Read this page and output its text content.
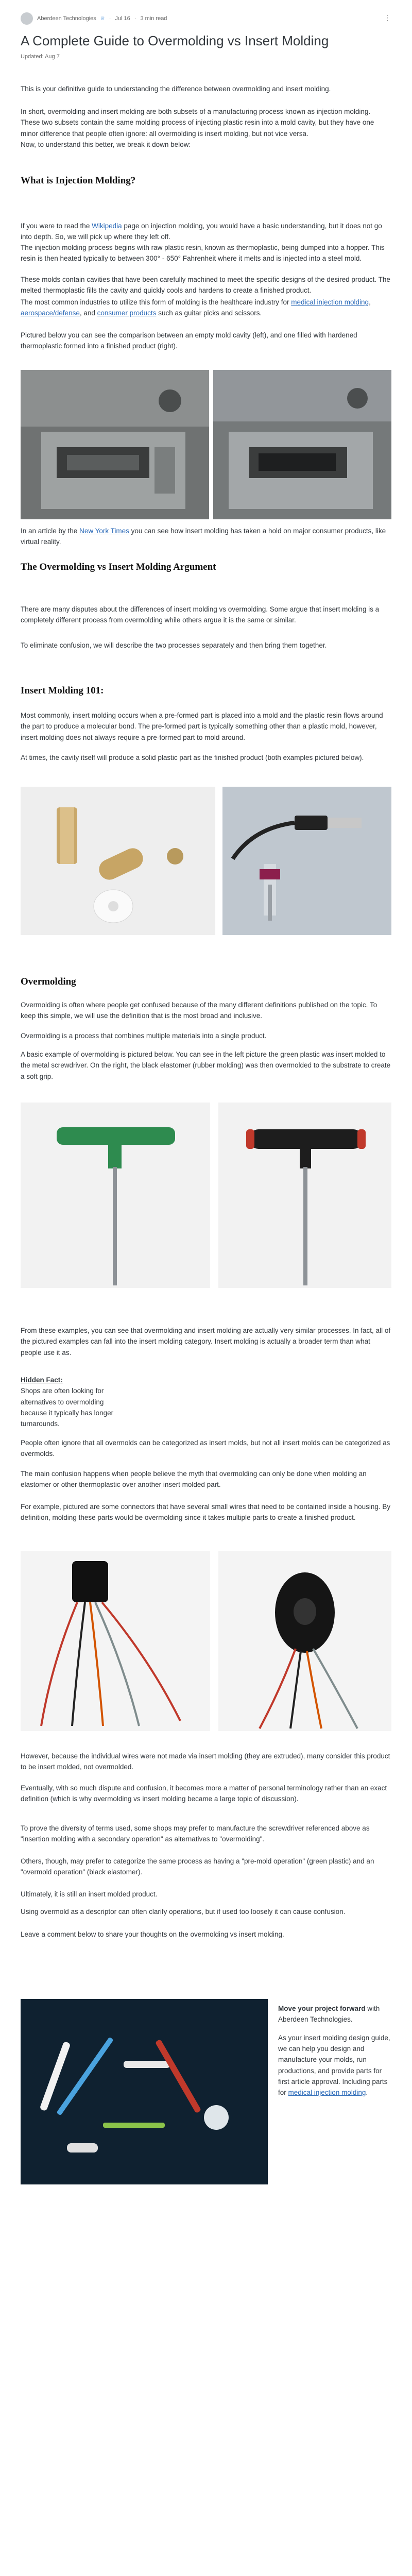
Aberdeen Technologies ♕ · Jul 16 · 3 min read	⋮
A Complete Guide to Overmolding vs Insert Molding
Updated: Aug 7

This is your definitive guide to understanding the difference between overmolding and insert molding.

In short, overmolding and insert molding are both subsets of a manufacturing process known as injection molding. These two subsets contain the same molding process of injecting plastic resin into a mold cavity, but they have one minor difference that people often ignore: all overmolding is insert molding, but not vice versa.

Now, to understand this better, we break it down below:

What is Injection Molding?

If you were to read the Wikipedia page on injection molding, you would have a basic understanding, but it does not go into depth. So, we will pick up where they left off.

The injection molding process begins with raw plastic resin, known as thermoplastic, being dumped into a hopper. This resin is then heated typically to between 300° - 650° Fahrenheit where it melts and is injected into a steel mold.

These molds contain cavities that have been carefully machined to meet the specific designs of the desired product. The melted thermoplastic fills the cavity and quickly cools and hardens to create a finished product.

The most common industries to utilize this form of molding is the healthcare industry for medical injection molding, aerospace/defense, and consumer products such as guitar picks and scissors.

Pictured below you can see the comparison between an empty mold cavity (left), and one filled with hardened thermoplastic formed into a finished product (right).

In an article by the New York Times you can see how insert molding has taken a hold on major consumer products, like virtual reality.

The Overmolding vs Insert Molding Argument

There are many disputes about the differences of insert molding vs overmolding. Some argue that insert molding is a completely different process from overmolding while others argue it is the same or similar.

To eliminate confusion, we will describe the two processes separately and then bring them together.

Insert Molding 101:

Most commonly, insert molding occurs when a pre-formed part is placed into a mold and the plastic resin flows around the part to produce a molecular bond. The pre-formed part is typically something other than a plastic mold, however, insert molding does not always require a pre-formed part to mold around.

At times, the cavity itself will produce a solid plastic part as the finished product (both examples pictured below).

Overmolding

Overmolding is often where people get confused because of the many different definitions published on the topic. To keep this simple, we will use the definition that is the most broad and inclusive.

Overmolding is a process that combines multiple materials into a single product.

A basic example of overmolding is pictured below. You can see in the left picture the green plastic was insert molded to the metal screwdriver. On the right, the black elastomer (rubber molding) was then overmolded to the substrate to create a soft grip.

From these examples, you can see that overmolding and insert molding are actually very similar processes. In fact, all of the pictured examples can fall into the insert molding category. Insert molding is actually a broader term than what people use it as.

Hidden Fact:
Shops are often looking for alternatives to overmolding because it typically has longer turnarounds.

People often ignore that all overmolds can be categorized as insert molds, but not all insert molds can be categorized as overmolds.

The main confusion happens when people believe the myth that overmolding can only be done when molding an elastomer or other thermoplastic over another insert molded part.

For example, pictured are some connectors that have several small wires that need to be contained inside a housing. By definition, molding these parts would be overmolding since it takes multiple parts to create a finished product.

However, because the individual wires were not made via insert molding (they are extruded), many consider this product to be insert molded, not overmolded.

Eventually, with so much dispute and confusion, it becomes more a matter of personal terminology rather than an exact definition (which is why overmolding vs insert molding became a large topic of discussion).

To prove the diversity of terms used, some shops may prefer to manufacture the screwdriver referenced above as "insertion molding with a secondary operation" as alternatives to "overmolding".

Others, though, may prefer to categorize the same process as having a "pre-mold operation" (green plastic) and an "overmold operation" (black elastomer).

Ultimately, it is still an insert molded product.

Using overmold as a descriptor can often clarify operations, but if used too loosely it can cause confusion.

Leave a comment below to share your thoughts on the overmolding vs insert molding.

Move your project forward with Aberdeen Technologies.

As your insert molding design guide, we can help you design and manufacture your molds, run productions, and provide parts for first article approval. Including parts for medical injection molding.
